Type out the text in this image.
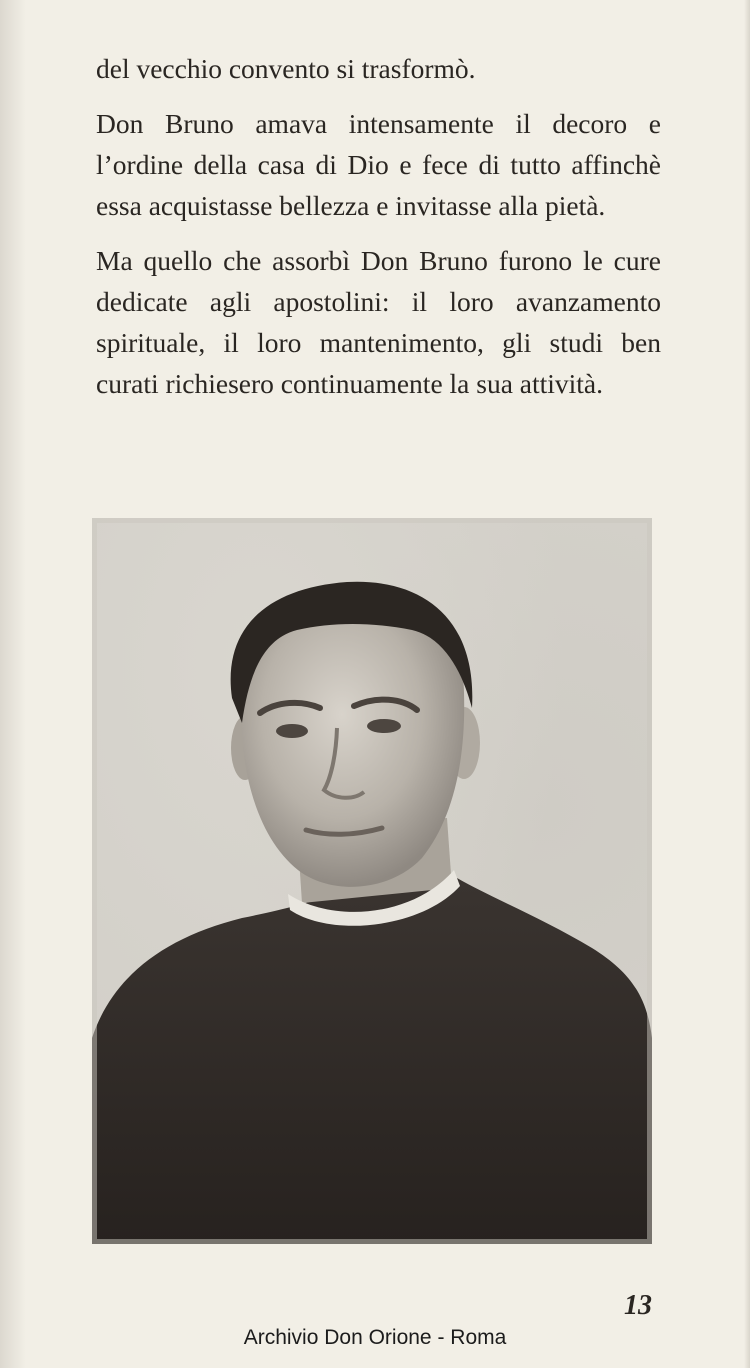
del vecchio convento si trasformò.

Don Bruno amava intensamente il decoro e l’ordine della casa di Dio e fece di tutto affinchè essa acquistasse bellezza e invitasse alla pietà.

Ma quello che assorbì Don Bruno furono le cure dedicate agli apostolini: il loro avanzamento spirituale, il loro mantenimento, gli studi ben curati richiesero continuamente la sua attività.

13
Archivio Don Orione - Roma
